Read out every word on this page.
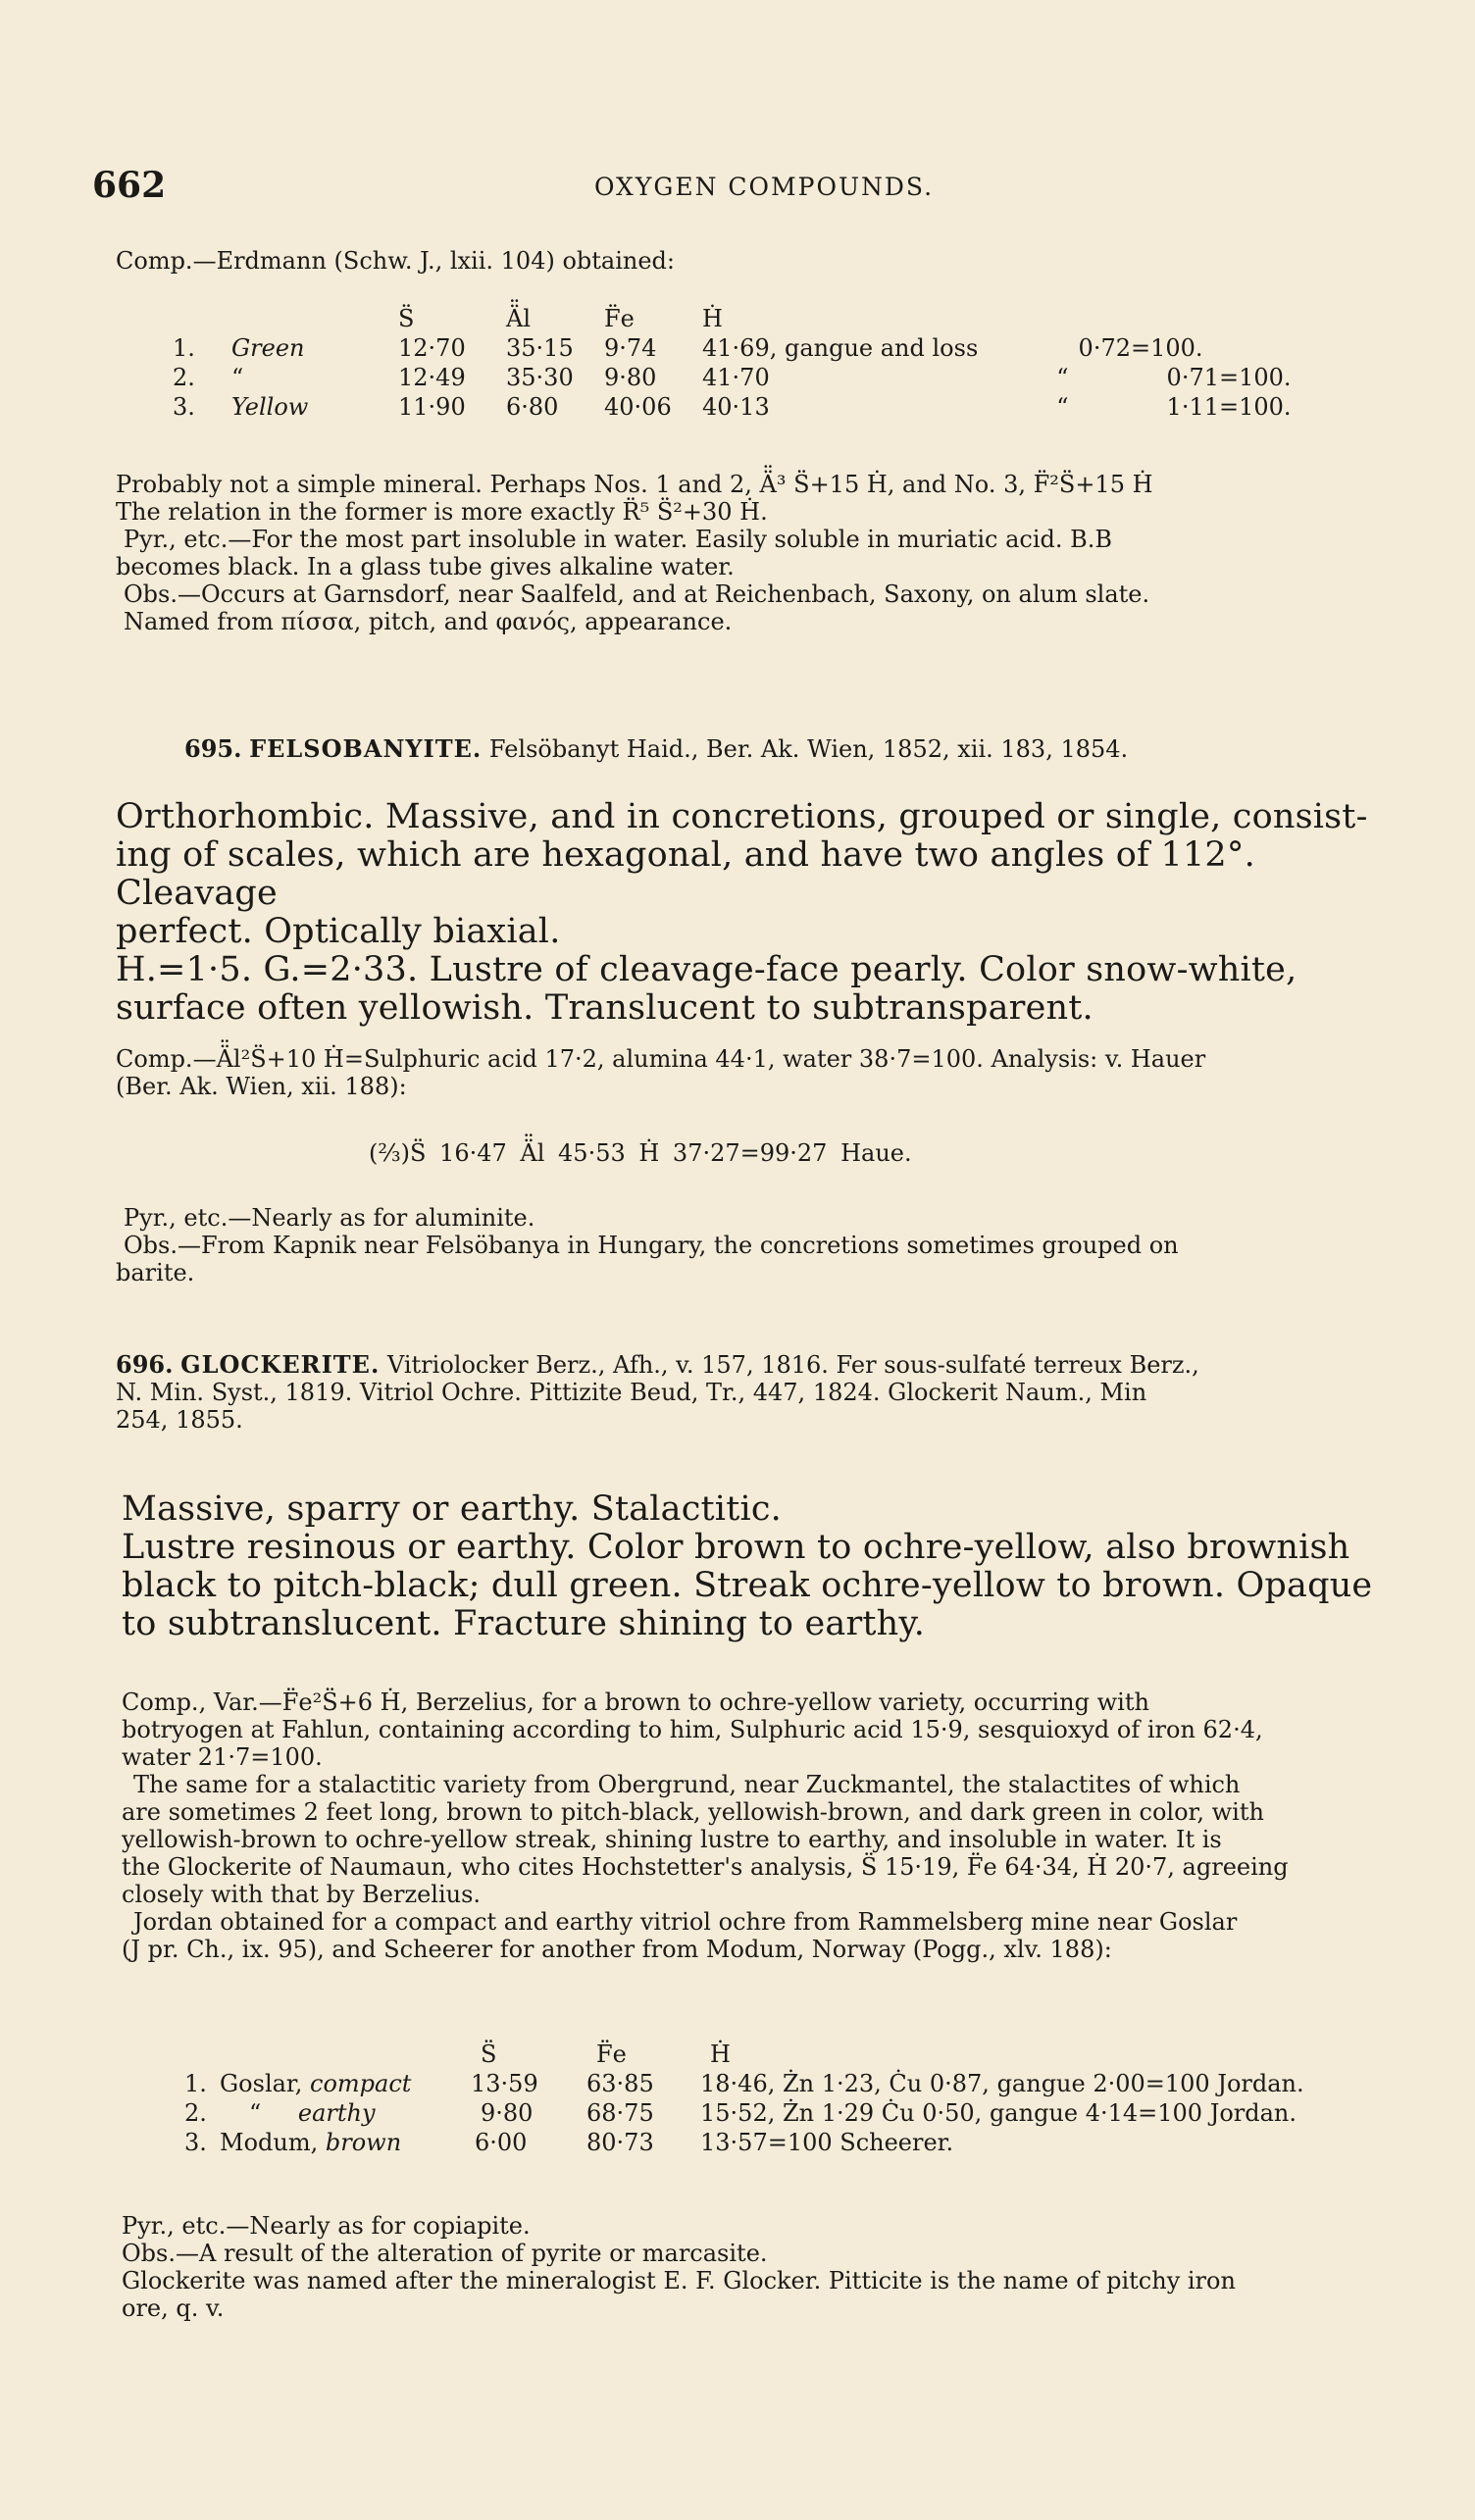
662	OXYGEN COMPOUNDS.
Comp.—Erdmann (Schw. J., lxii. 104) obtained:
		S̈	Ä̈l	F̈e	Ḣ		
1.	Green	12·70	35·15	9·74	41·69, gangue and loss		0·72=100.
2.	“	12·49	35·30	9·80	41·70	“	0·71=100.
3.	Yellow	11·90	6·80	40·06	40·13	“	1·11=100.

Probably not a simple mineral. Perhaps Nos. 1 and 2, Ä̈³ S̈+15 Ḣ, and No. 3, F̈²S̈+15 Ḣ

The relation in the former is more exactly R̈⁵ S̈²+30 Ḣ.

Pyr., etc.—For the most part insoluble in water. Easily soluble in muriatic acid. B.B

becomes black. In a glass tube gives alkaline water.

Obs.—Occurs at Garnsdorf, near Saalfeld, and at Reichenbach, Saxony, on alum slate.

Named from πίσσα, pitch, and φανός, appearance.

695. FELSOBANYITE. Felsöbanyt Haid., Ber. Ak. Wien, 1852, xii. 183, 1854.

Orthorhombic. Massive, and in concretions, grouped or single, consist-

ing of scales, which are hexagonal, and have two angles of 112°. Cleavage

perfect. Optically biaxial.

H.=1·5. G.=2·33. Lustre of cleavage-face pearly. Color snow-white,

surface often yellowish. Translucent to subtransparent.

Comp.—Ä̈l²S̈+10 Ḣ=Sulphuric acid 17·2, alumina 44·1, water 38·7=100. Analysis: v. Hauer

(Ber. Ak. Wien, xii. 188):

(⅔)S̈ 16·47 Ä̈l 45·53 Ḣ 37·27=99·27 Haue.

Pyr., etc.—Nearly as for aluminite.

Obs.—From Kapnik near Felsöbanya in Hungary, the concretions sometimes grouped on

barite.

696. GLOCKERITE. Vitriolocker Berz., Afh., v. 157, 1816. Fer sous-sulfaté terreux Berz.,

N. Min. Syst., 1819. Vitriol Ochre. Pittizite Beud, Tr., 447, 1824. Glockerit Naum., Min

254, 1855.

Massive, sparry or earthy. Stalactitic.

Lustre resinous or earthy. Color brown to ochre-yellow, also brownish

black to pitch-black; dull green. Streak ochre-yellow to brown. Opaque

to subtranslucent. Fracture shining to earthy.

Comp., Var.—F̈e²S̈+6 Ḣ, Berzelius, for a brown to ochre-yellow variety, occurring with

botryogen at Fahlun, containing according to him, Sulphuric acid 15·9, sesquioxyd of iron 62·4,

water 21·7=100.

The same for a stalactitic variety from Obergrund, near Zuckmantel, the stalactites of which

are sometimes 2 feet long, brown to pitch-black, yellowish-brown, and dark green in color, with

yellowish-brown to ochre-yellow streak, shining lustre to earthy, and insoluble in water. It is

the Glockerite of Naumaun, who cites Hochstetter's analysis, S̈ 15·19, F̈e 64·34, Ḣ 20·7, agreeing

closely with that by Berzelius.

Jordan obtained for a compact and earthy vitriol ochre from Rammelsberg mine near Goslar

(J pr. Ch., ix. 95), and Scheerer for another from Modum, Norway (Pogg., xlv. 188):

		S̈	F̈e	Ḣ
1.	Goslar, compact	13·59	63·85	18·46, Żn 1·23, Ċu 0·87, gangue 2·00=100 Jordan.
2.	“ earthy	9·80	68·75	15·52, Żn 1·29 Ċu 0·50, gangue 4·14=100 Jordan.
3.	Modum, brown	6·00	80·73	13·57=100 Scheerer.

Pyr., etc.—Nearly as for copiapite.

Obs.—A result of the alteration of pyrite or marcasite.

Glockerite was named after the mineralogist E. F. Glocker. Pitticite is the name of pitchy iron

ore, q. v.
